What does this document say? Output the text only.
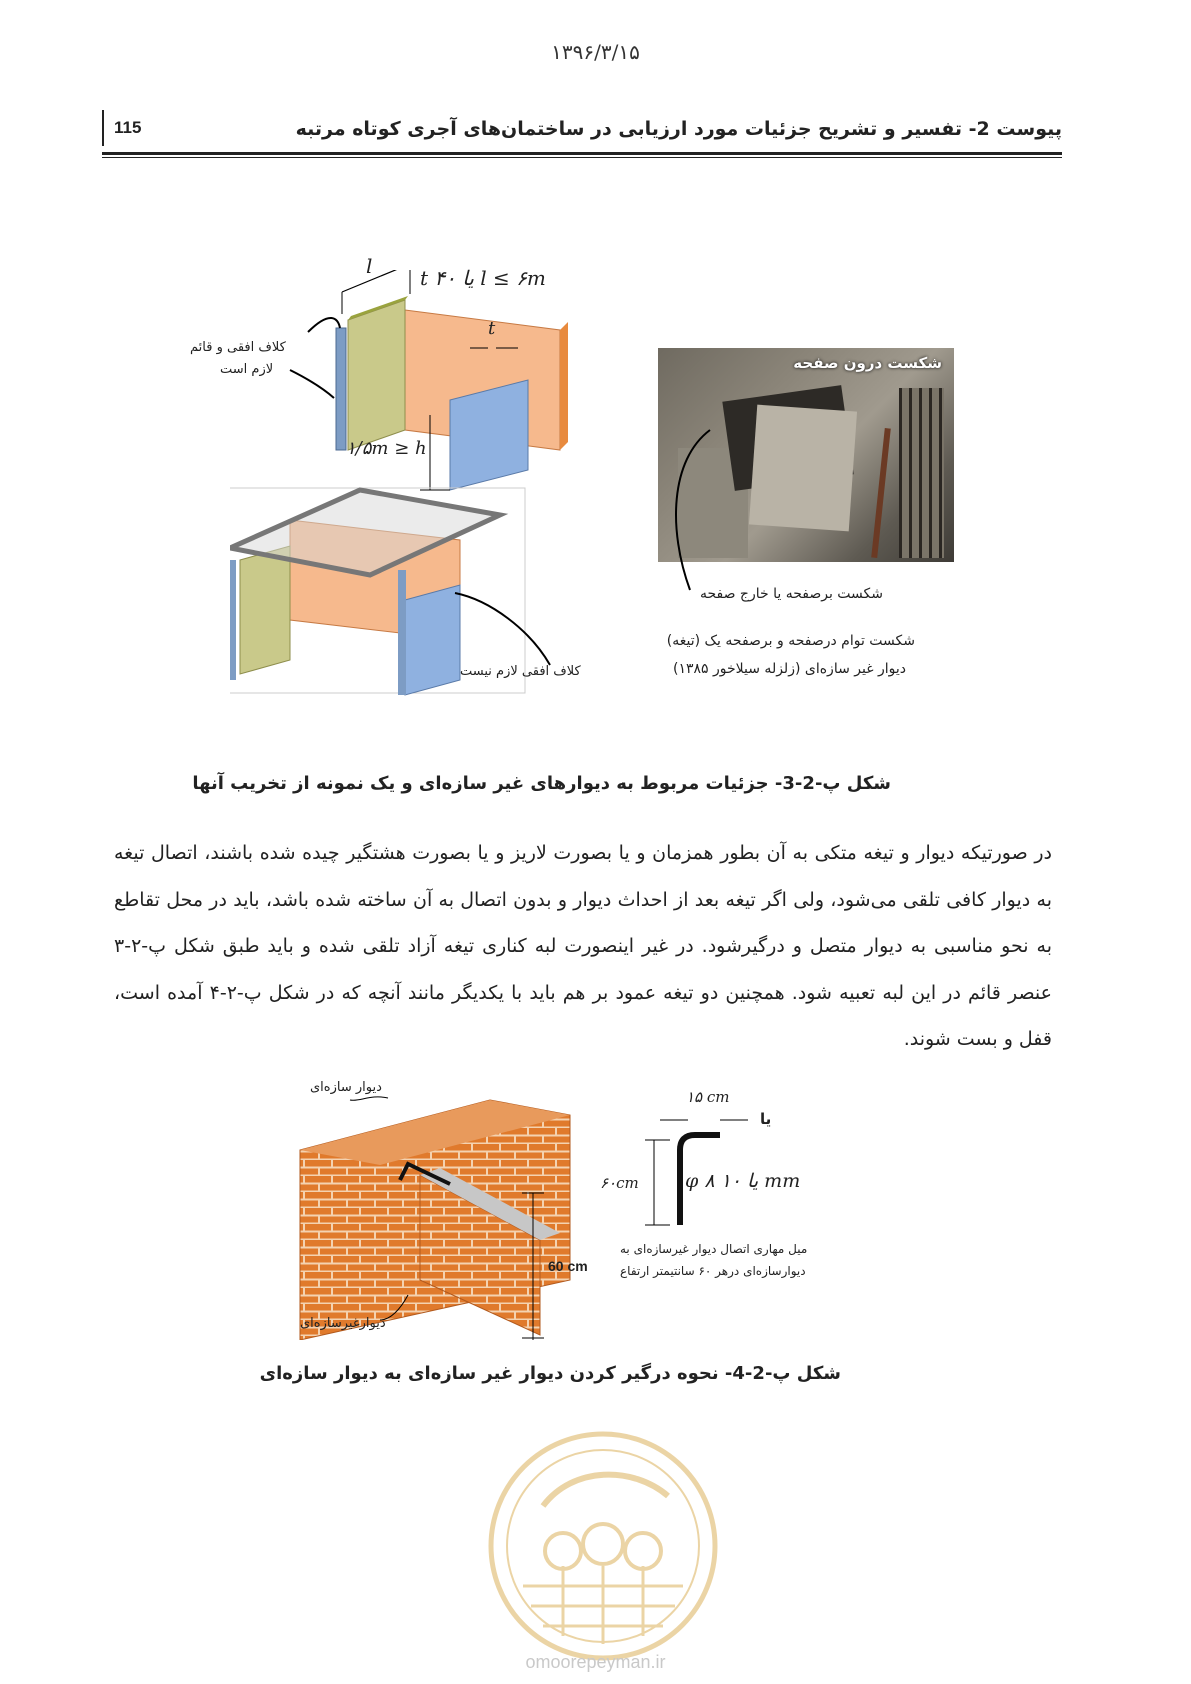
۱۳۹۶/۳/۱۵
115	پیوست 2- تفسیر و تشریح جزئیات مورد ارزیابی در ساختمان‌های آجری کوتاه مرتبه
l l ≤ ۶m یا ۴۰ t
t
۱/۵m ≥ h
کلاف افقی و قائم
لازم است
کلاف افقی لازم نیست
شکست درون صفحه
شکست برصفحه یا خارج صفحه
شکست توام درصفحه و برصفحه یک (تیغه)
دیوار غیر سازه‌ای (زلزله سیلاخور ۱۳۸۵)
شکل پ-2-3- جزئیات مربوط به دیوارهای غیر سازه‌ای و یک نمونه از تخریب آنها
در صورتیکه دیوار و تیغه متکی به آن بطور همزمان و یا بصورت لاریز و یا بصورت هشتگیر چیده شده باشند، اتصال تیغه به دیوار کافی تلقی می‌شود، ولی اگر تیغه بعد از احداث دیوار و بدون اتصال به آن ساخته شده باشد، باید در محل تقاطع به نحو مناسبی به دیوار متصل و درگیرشود. در غیر اینصورت لبه کناری تیغه آزاد تلقی شده و باید طبق شکل پ-۲-۳ عنصر قائم در این لبه تعبیه شود. همچنین دو تیغه عمود بر هم باید با یکدیگر مانند آنچه که در شکل پ-۲-۴ آمده است، قفل و بست شوند.
دیوار سازه‌ای
دیوارغیرسازه‌ای
60 cm
۱۵ cm
یا
۶۰cm φ ۸ یا ۱۰ mm
میل مهاری اتصال دیوار غیرسازه‌ای به
دیوارسازه‌ای درهر ۶۰ سانتیمتر ارتفاع
شکل پ-2-4- نحوه درگیر کردن دیوار غیر سازه‌ای به دیوار سازه‌ای
omoorepeyman.ir
